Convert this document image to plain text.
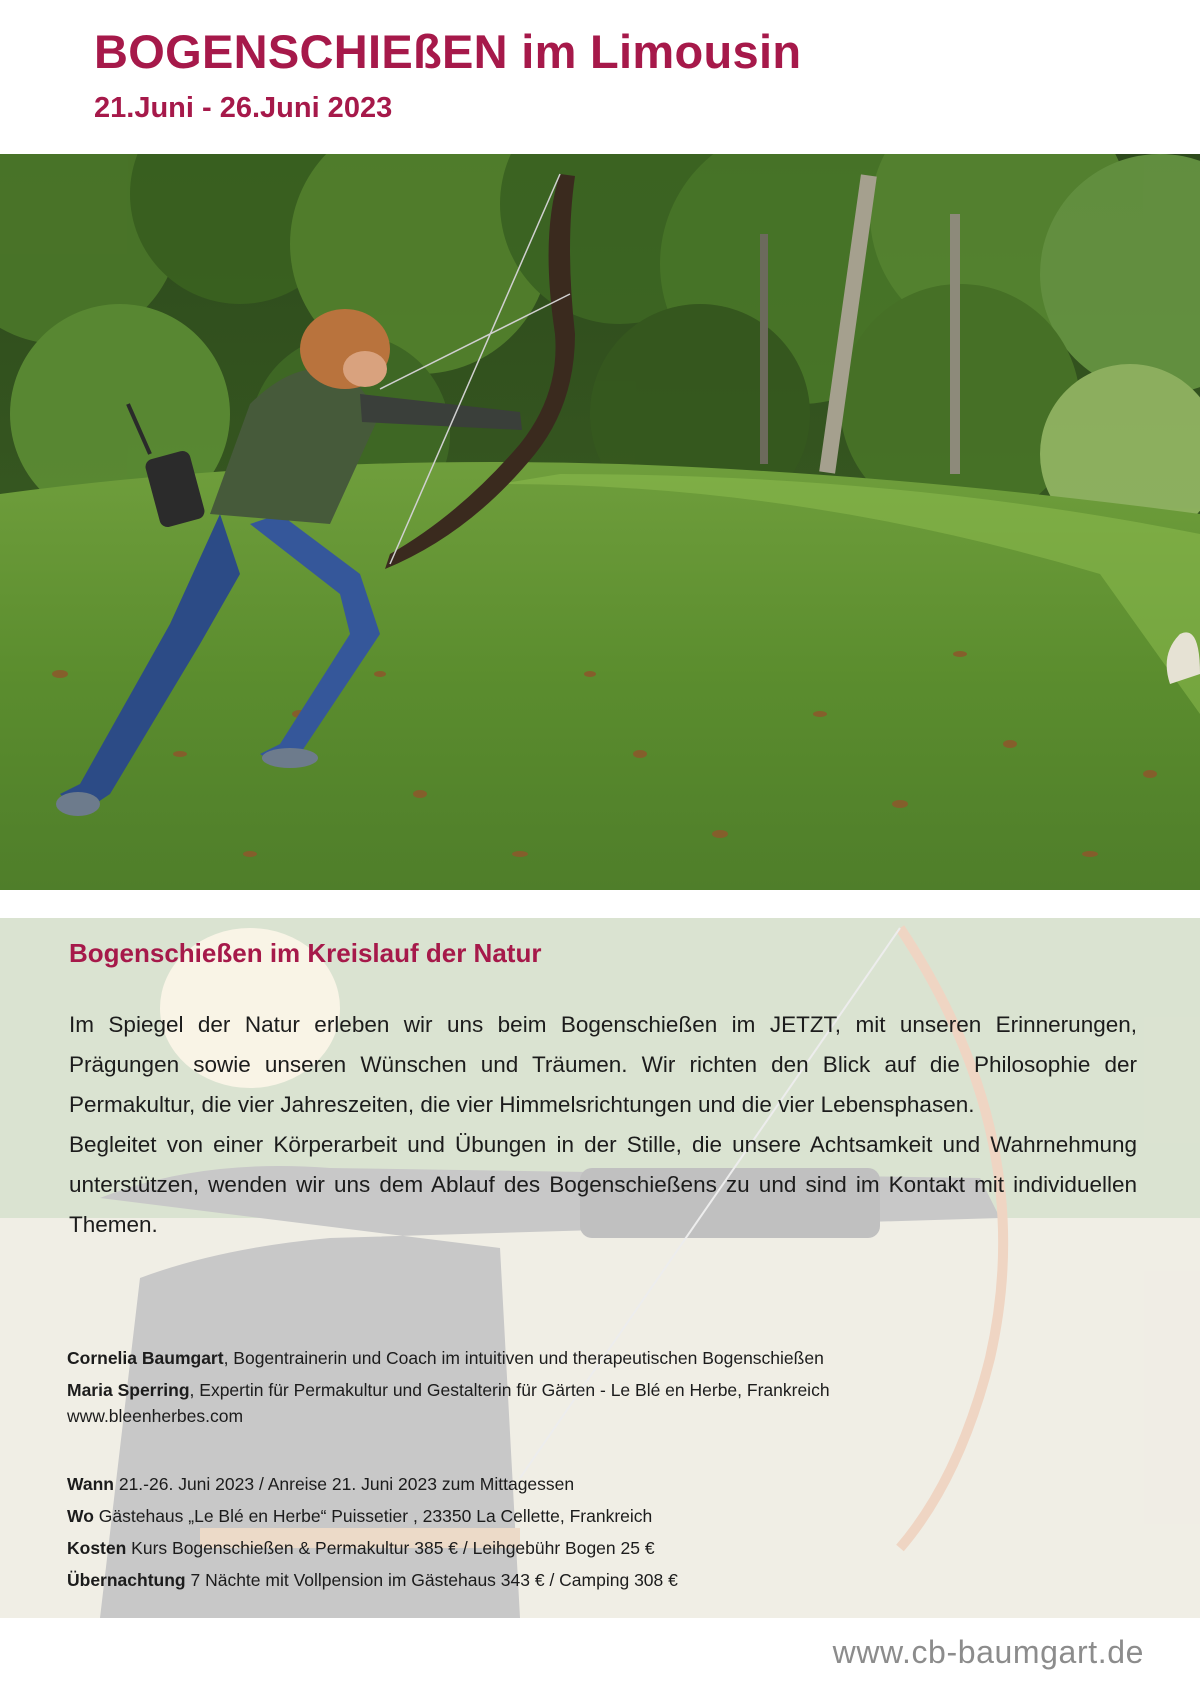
BOGENSCHIEßEN im Limousin
21.Juni - 26.Juni 2023
Bogenschießen im Kreislauf der Natur

Im Spiegel der Natur erleben wir uns beim Bogenschießen im JETZT, mit unseren Erinnerungen, Prägungen sowie unseren Wünschen und Träumen. Wir richten den Blick auf die Philosophie der Permakultur, die vier Jahreszeiten, die vier Himmelsrichtungen und die vier Lebensphasen.

Begleitet von einer Körperarbeit und Übungen in der Stille, die unsere Achtsamkeit und Wahrnehmung unterstützen, wenden wir uns dem Ablauf des Bogenschießens zu und sind im Kontakt mit individuellen Themen.

Cornelia Baumgart, Bogentrainerin und Coach im intuitiven und therapeutischen Bogenschießen
Maria Sperring, Expertin für Permakultur und Gestalterin für Gärten - Le Blé en Herbe, Frankreich
www.bleenherbes.com
Wann 21.-26. Juni 2023 / Anreise 21. Juni 2023 zum Mittagessen
Wo Gästehaus „Le Blé en Herbe“ Puissetier , 23350 La Cellette, Frankreich
Kosten Kurs Bogenschießen & Permakultur 385 € / Leihgebühr Bogen 25 €
Übernachtung 7 Nächte mit Vollpension im Gästehaus 343 € / Camping 308 €

www.cb-baumgart.de
